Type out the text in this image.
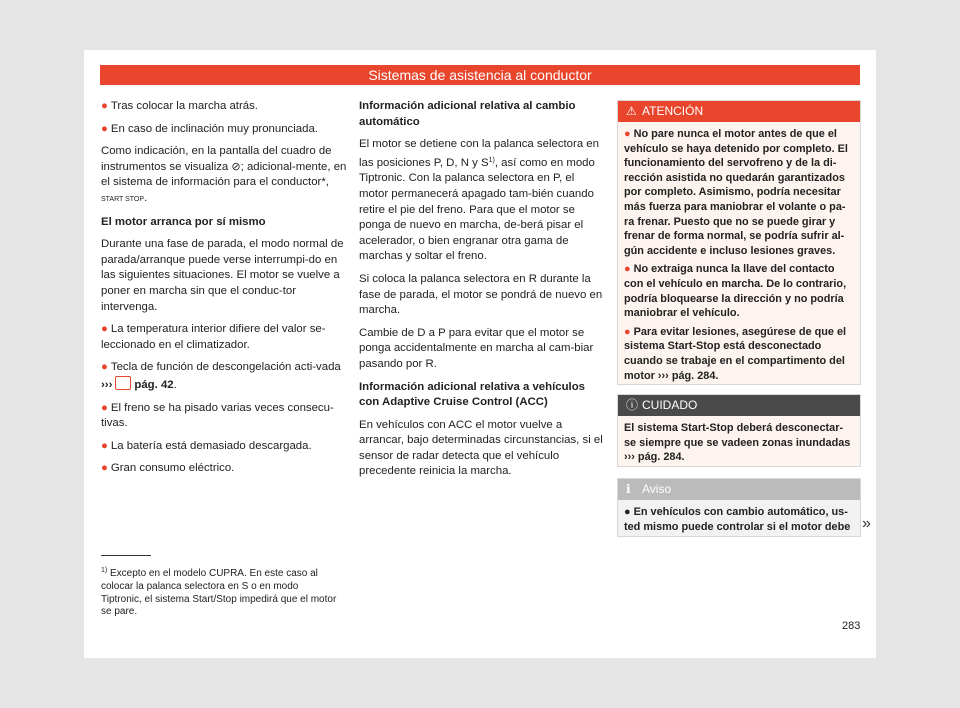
Sistemas de asistencia al conductor

● Tras colocar la marcha atrás.

● En caso de inclinación muy pronunciada.

Como indicación, en la pantalla del cuadro de instrumentos se visualiza ⊘; adicional-mente, en el sistema de información para el conductor*, START STOP.

El motor arranca por sí mismo

Durante una fase de parada, el modo normal de parada/arranque puede verse interrumpi-do en las siguientes situaciones. El motor se vuelve a poner en marcha sin que el conduc-tor intervenga.

● La temperatura interior difiere del valor se-leccionado en el climatizador.

● Tecla de función de descongelación acti-vada ››› pág. 42.

● El freno se ha pisado varias veces consecu-tivas.

● La batería está demasiado descargada.

● Gran consumo eléctrico.

Información adicional relativa al cambio automático

El motor se detiene con la palanca selectora en las posiciones P, D, N y $S^{1)}$, así como en modo Tiptronic. Con la palanca selectora en P, el motor permanecerá apagado tam-bién cuando retire el pie del freno. Para que el motor se ponga de nuevo en marcha, de-berá pisar el acelerador, o bien engranar otra gama de marchas y soltar el freno.

Si coloca la palanca selectora en R durante la fase de parada, el motor se pondrá de nuevo en marcha.

Cambie de D a P para evitar que el motor se ponga accidentalmente en marcha al cam-biar pasando por R.

Información adicional relativa a vehículos con Adaptive Cruise Control (ACC)

En vehículos con ACC el motor vuelve a arrancar, bajo determinadas circunstancias, si el sensor de radar detecta que el vehículo precedente reinicia la marcha.

⚠ ATENCIÓN

● No pare nunca el motor antes de que el vehículo se haya detenido por completo. El funcionamiento del servofreno y de la di-rección asistida no quedarán garantizados por completo. Asimismo, podría necesitar más fuerza para maniobrar el volante o pa-ra frenar. Puesto que no se puede girar y frenar de forma normal, se podría sufrir al-gún accidente e incluso lesiones graves.

● No extraiga nunca la llave del contacto con el vehículo en marcha. De lo contrario, podría bloquearse la dirección y no podría maniobrar el vehículo.

● Para evitar lesiones, asegúrese de que el sistema Start-Stop está desconectado cuando se trabaje en el compartimento del motor ››› pág. 284.

ⓘ CUIDADO

El sistema Start-Stop deberá desconectar-se siempre que se vadeen zonas inundadas ››› pág. 284.

ℹ Aviso

● En vehículos con cambio automático, us-ted mismo puede controlar si el motor debe »
$^{1)}$ Excepto en el modelo CUPRA. En este caso al colocar la palanca selectora en S o en modo Tiptronic, el sistema Start/Stop impedirá que el motor se pare.
283
